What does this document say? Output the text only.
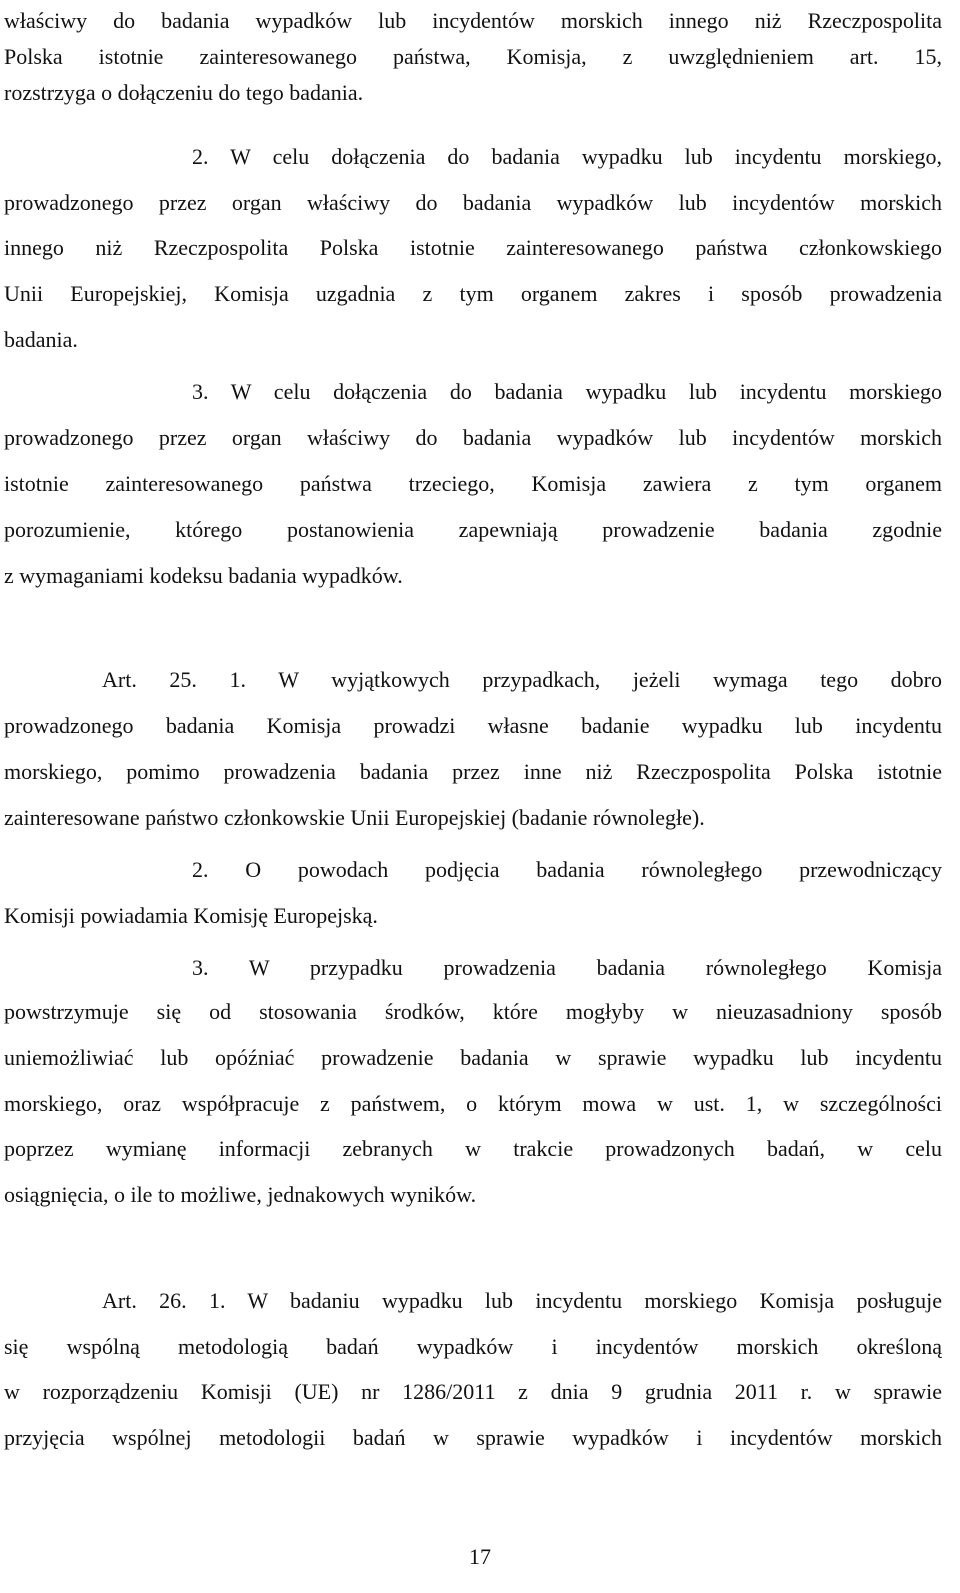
właściwy do badania wypadków lub incydentów morskich innego niż Rzeczpospolita
Polska istotnie zainteresowanego państwa, Komisja, z uwzględnieniem art. 15,
rozstrzyga o dołączeniu do tego badania.
2. W celu dołączenia do badania wypadku lub incydentu morskiego,
prowadzonego przez organ właściwy do badania wypadków lub incydentów morskich
innego niż Rzeczpospolita Polska istotnie zainteresowanego państwa członkowskiego
Unii Europejskiej, Komisja uzgadnia z tym organem zakres i sposób prowadzenia
badania.
3. W celu dołączenia do badania wypadku lub incydentu morskiego
prowadzonego przez organ właściwy do badania wypadków lub incydentów morskich
istotnie zainteresowanego państwa trzeciego, Komisja zawiera z tym organem
porozumienie, którego postanowienia zapewniają prowadzenie badania zgodnie
z wymaganiami kodeksu badania wypadków.
Art. 25. 1. W wyjątkowych przypadkach, jeżeli wymaga tego dobro
prowadzonego badania Komisja prowadzi własne badanie wypadku lub incydentu
morskiego, pomimo prowadzenia badania przez inne niż Rzeczpospolita Polska istotnie
zainteresowane państwo członkowskie Unii Europejskiej (badanie równoległe).
2. O powodach podjęcia badania równoległego przewodniczący
Komisji powiadamia Komisję Europejską.
3. W przypadku prowadzenia badania równoległego Komisja
powstrzymuje się od stosowania środków, które mogłyby w nieuzasadniony sposób
uniemożliwiać lub opóźniać prowadzenie badania w sprawie wypadku lub incydentu
morskiego, oraz współpracuje z państwem, o którym mowa w ust. 1, w szczególności
poprzez wymianę informacji zebranych w trakcie prowadzonych badań, w celu
osiągnięcia, o ile to możliwe, jednakowych wyników.
Art. 26. 1. W badaniu wypadku lub incydentu morskiego Komisja posługuje
się wspólną metodologią badań wypadków i incydentów morskich określoną
w rozporządzeniu Komisji (UE) nr 1286/2011 z dnia 9 grudnia 2011 r. w sprawie
przyjęcia wspólnej metodologii badań w sprawie wypadków i incydentów morskich
17
